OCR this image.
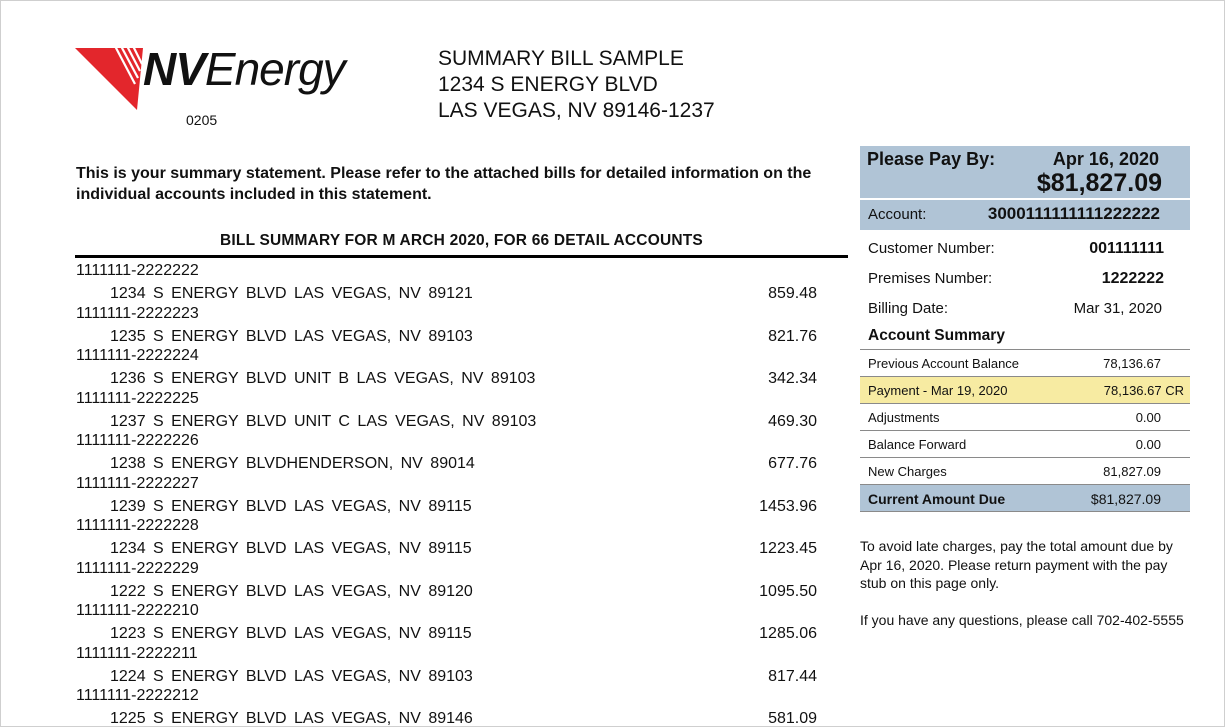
NVEnergy
0205
SUMMARY BILL SAMPLE
1234 S ENERGY BLVD
LAS VEGAS, NV 89146-1237
This is your summary statement. Please refer to the attached bills for detailed information on the individual accounts included in this statement.
BILL SUMMARY FOR M ARCH 2020, FOR 66 DETAIL ACCOUNTS
1111111-2222222
1234 S ENERGY BLVD LAS VEGAS, NV 89121	859.48
1111111-2222223
1235 S ENERGY BLVD LAS VEGAS, NV 89103	821.76
1111111-2222224
1236 S ENERGY BLVD UNIT B LAS VEGAS, NV 89103	342.34
1111111-2222225
1237 S ENERGY BLVD UNIT C LAS VEGAS, NV 89103	469.30
1111111-2222226
1238 S ENERGY BLVDHENDERSON, NV 89014	677.76
1111111-2222227
1239 S ENERGY BLVD LAS VEGAS, NV 89115	1453.96
1111111-2222228
1234 S ENERGY BLVD LAS VEGAS, NV 89115	1223.45
1111111-2222229
1222 S ENERGY BLVD LAS VEGAS, NV 89120	1095.50
1111111-2222210
1223 S ENERGY BLVD LAS VEGAS, NV 89115	1285.06
1111111-2222211
1224 S ENERGY BLVD LAS VEGAS, NV 89103	817.44
1111111-2222212
1225 S ENERGY BLVD LAS VEGAS, NV 89146	581.09
Please Pay By:	Apr 16, 2020
$81,827.09
Account:	3000111111111222222
Customer Number:	001111111
Premises Number:	1222222
Billing Date:	Mar 31, 2020
Account Summary
Previous Account Balance	78,136.67
Payment - Mar 19, 2020	78,136.67 CR
Adjustments	0.00
Balance Forward	0.00
New Charges	81,827.09
Current Amount Due	$81,827.09

To avoid late charges, pay the total amount due by Apr 16, 2020. Please return payment with the pay stub on this page only.

If you have any questions, please call 702-402-5555
